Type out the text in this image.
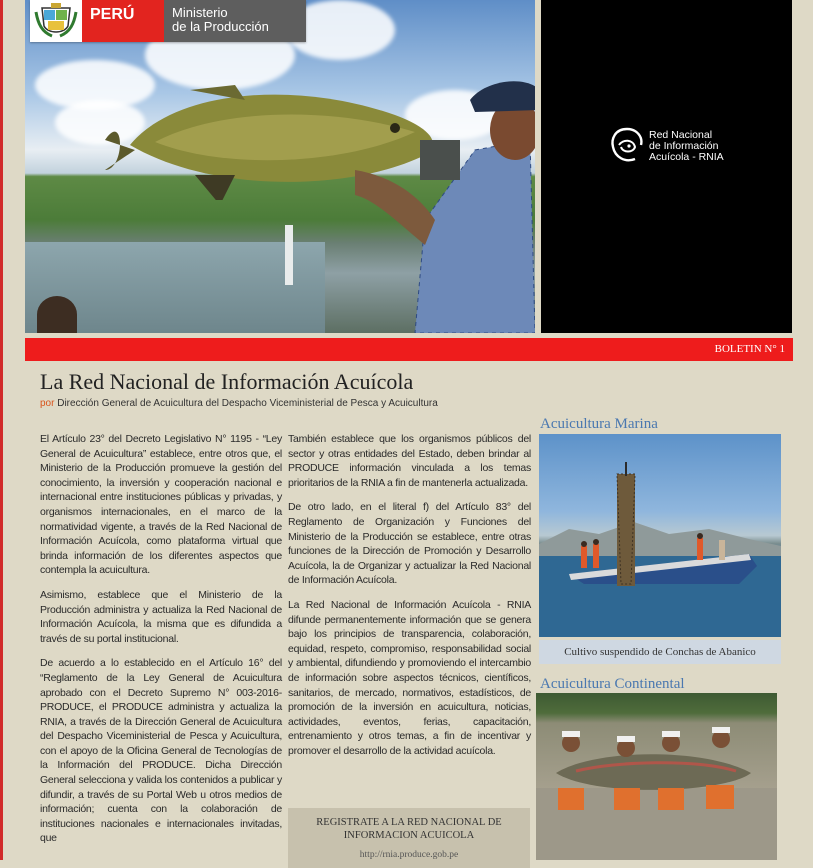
PERÚ	Ministerio
de la Producción
Red Nacional
de Información
Acuícola - RNIA
BOLETIN N° 1
La Red Nacional de Información Acuícola
por Dirección General de Acuicultura del Despacho Viceministerial de Pesca y Acuicultura

El Artículo 23° del Decreto Legislativo N° 1195 - “Ley General de Acuicultura” establece, entre otros que, el Ministerio de la Producción promueve la gestión del conocimiento, la inversión y cooperación nacional e internacional entre instituciones públicas y privadas, y organismos internacionales, en el marco de la normatividad vigente, a través de la Red Nacional de Información Acuícola, como plataforma virtual que brinda información de los diferentes aspectos que contempla la acuicultura.

Asimismo, establece que el Ministerio de la Producción administra y actualiza la Red Nacional de Información Acuícola, la misma que es difundida a través de su portal institucional.

De acuerdo a lo establecido en el Artículo 16° del “Reglamento de la Ley General de Acuicultura aprobado con el Decreto Supremo N° 003-2016-PRODUCE, el PRODUCE administra y actualiza la RNIA, a través de la Dirección General de Acuicultura del Despacho Viceministerial de Pesca y Acuicultura, con el apoyo de la Oficina General de Tecnologías de la Información del PRODUCE. Dicha Dirección General selecciona y valida los contenidos a publicar y difundir, a través de su Portal Web u otros medios de información; cuenta con la colaboración de instituciones nacionales e internacionales invitadas, que

También establece que los organismos públicos del sector y otras entidades del Estado, deben brindar al PRODUCE información vinculada a los temas prioritarios de la RNIA a fin de mantenerla actualizada.

De otro lado, en el literal f) del Artículo 83° del Reglamento de Organización y Funciones del Ministerio de la Producción se establece, entre otras funciones de la Dirección de Promoción y Desarrollo Acuícola, la de Organizar y actualizar la Red Nacional de Información Acuícola.

La Red Nacional de Información Acuícola - RNIA difunde permanentemente información que se genera bajo los principios de transparencia, colaboración, equidad, respeto, compromiso, responsabilidad social y ambiental, difundiendo y promoviendo el intercambio de información sobre aspectos técnicos, científicos, sanitarios, de mercado, normativos, estadísticos, de promoción de la inversión en acuicultura, noticias, actividades, eventos, ferias, capacitación, entrenamiento y otros temas, a fin de incentivar y promover el desarrollo de la actividad acuícola.

REGISTRATE A LA RED NACIONAL DE INFORMACION ACUICOLA
http://rnia.produce.gob.pe
Acuicultura Marina
Cultivo suspendido de Conchas de Abanico
Acuicultura Continental
